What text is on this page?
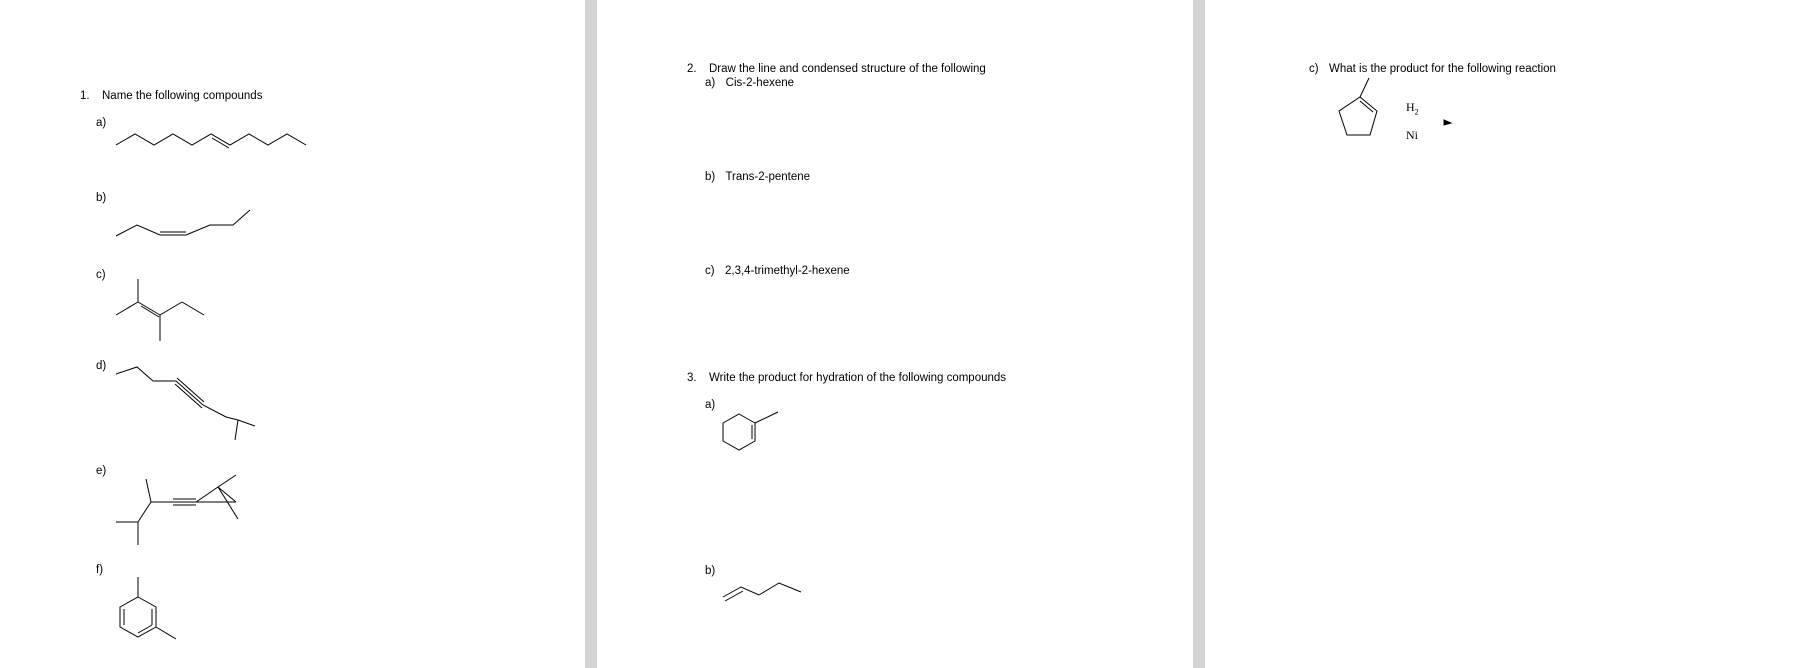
1. Name the following compounds
a)
b)
c)
d)
e)
f)
2. Draw the line and condensed structure of the following
a) Cis-2-hexene
b) Trans-2-pentene
c) 2,3,4-trimethyl-2-hexene
3. Write the product for hydration of the following compounds
a)
b)
c) What is the product for the following reaction
$H_2$
Ni
